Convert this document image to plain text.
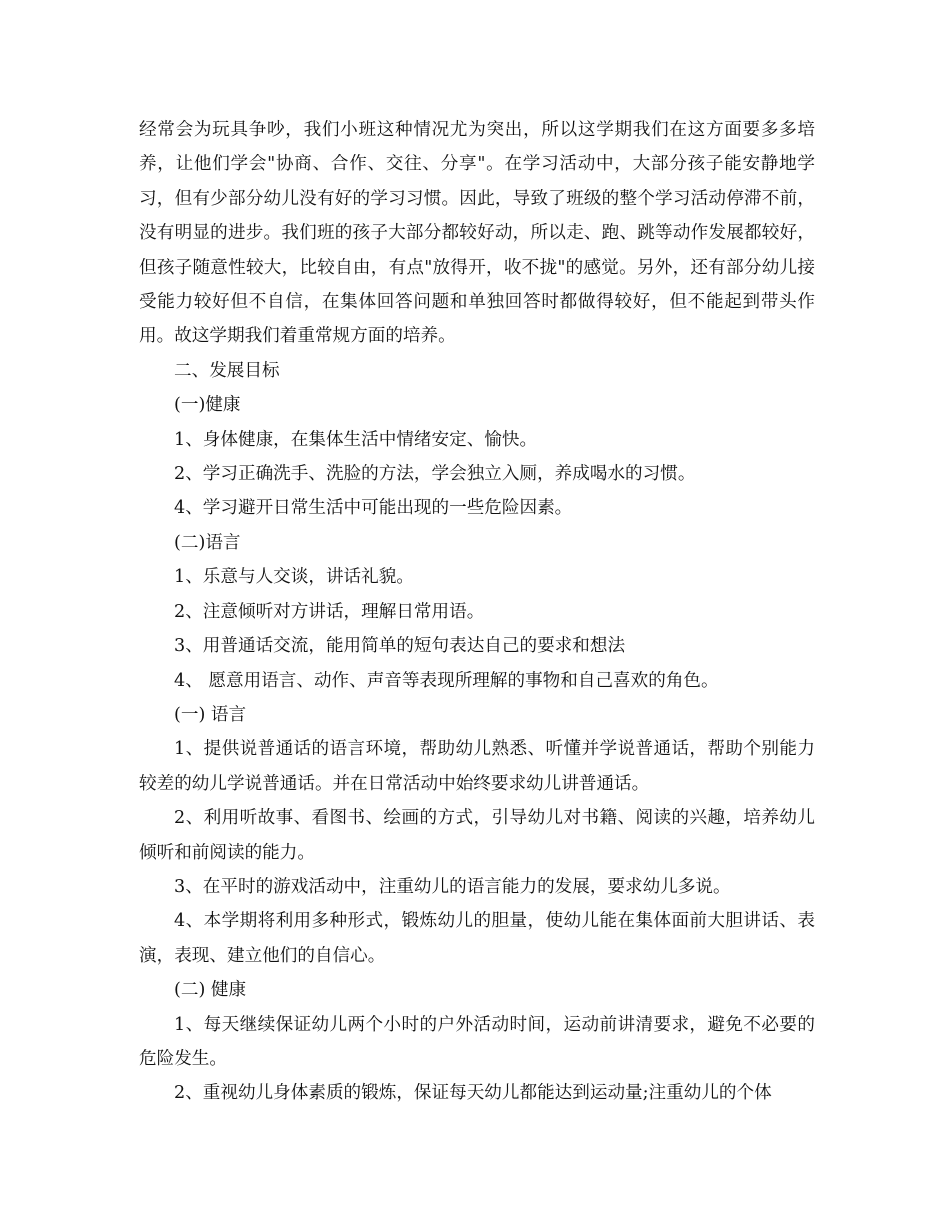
经常会为玩具争吵，我们小班这种情况尤为突出，所以这学期我们在这方面要多多培养，让他们学会"协商、合作、交往、分享"。在学习活动中，大部分孩子能安静地学习，但有少部分幼儿没有好的学习习惯。因此，导致了班级的整个学习活动停滞不前，没有明显的进步。我们班的孩子大部分都较好动，所以走、跑、跳等动作发展都较好，但孩子随意性较大，比较自由，有点"放得开，收不拢"的感觉。另外，还有部分幼儿接受能力较好但不自信，在集体回答问题和单独回答时都做得较好，但不能起到带头作用。故这学期我们着重常规方面的培养。

二、发展目标

(一)健康

1、身体健康，在集体生活中情绪安定、愉快。

2、学习正确洗手、洗脸的方法，学会独立入厕，养成喝水的习惯。

4、学习避开日常生活中可能出现的一些危险因素。

(二)语言

1、乐意与人交谈，讲话礼貌。

2、注意倾听对方讲话，理解日常用语。

3、用普通话交流，能用简单的短句表达自己的要求和想法

4、 愿意用语言、动作、声音等表现所理解的事物和自己喜欢的角色。

(一) 语言

1、提供说普通话的语言环境，帮助幼儿熟悉、听懂并学说普通话，帮助个别能力较差的幼儿学说普通话。并在日常活动中始终要求幼儿讲普通话。

2、利用听故事、看图书、绘画的方式，引导幼儿对书籍、阅读的兴趣，培养幼儿倾听和前阅读的能力。

3、在平时的游戏活动中，注重幼儿的语言能力的发展，要求幼儿多说。

4、本学期将利用多种形式，锻炼幼儿的胆量，使幼儿能在集体面前大胆讲话、表演，表现、建立他们的自信心。

(二) 健康

1、每天继续保证幼儿两个小时的户外活动时间，运动前讲清要求，避免不必要的危险发生。

2、重视幼儿身体素质的锻炼，保证每天幼儿都能达到运动量;注重幼儿的个体
